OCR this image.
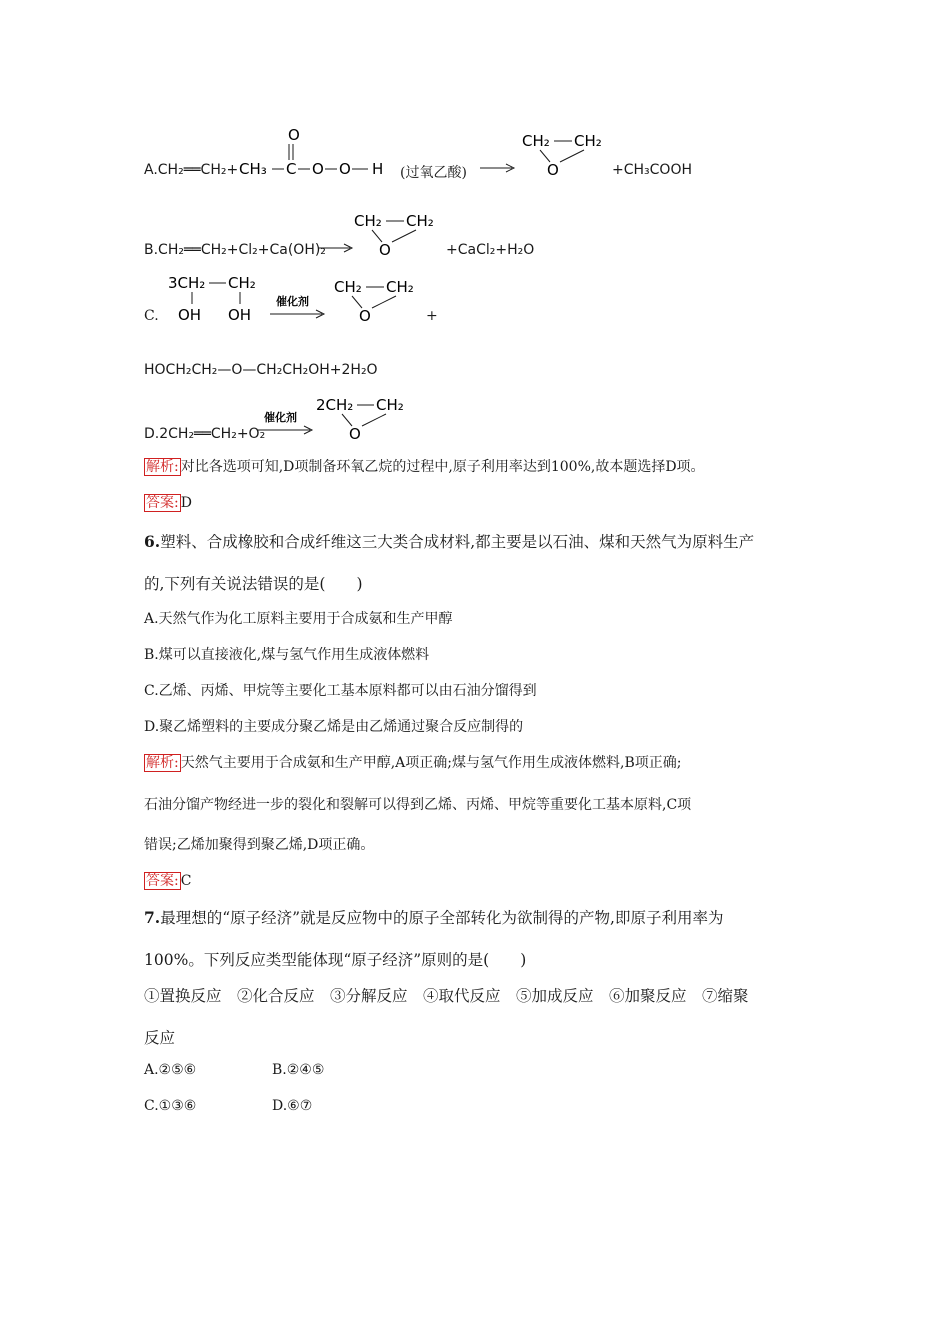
A.CH₂══CH₂+
O
CH₃ C O O H (过氧乙酸) →
CH₂ CH₂
O	+CH₃COOH
B.CH₂══CH₂+Cl₂+Ca(OH)₂
CH₂ CH₂
O	+CaCl₂+H₂O
C.
3CH₂ CH₂
OH OH
催化剂
CH₂ CH₂
O	+
HOCH₂CH₂—O—CH₂CH₂OH+2H₂O
D.2CH₂══CH₂+O₂
催化剂
2CH₂ CH₂
O
解析: 对比各选项可知,D项制备环氧乙烷的过程中,原子利用率达到100%,故本题选择D项。
答案: D
6.塑料、合成橡胶和合成纤维这三大类合成材料,都主要是以石油、煤和天然气为原料生产
的,下列有关说法错误的是(　　)
A.天然气作为化工原料主要用于合成氨和生产甲醇
B.煤可以直接液化,煤与氢气作用生成液体燃料
C.乙烯、丙烯、甲烷等主要化工基本原料都可以由石油分馏得到
D.聚乙烯塑料的主要成分聚乙烯是由乙烯通过聚合反应制得的
解析: 天然气主要用于合成氨和生产甲醇,A项正确;煤与氢气作用生成液体燃料,B项正确;
石油分馏产物经进一步的裂化和裂解可以得到乙烯、丙烯、甲烷等重要化工基本原料,C项
错误;乙烯加聚得到聚乙烯,D项正确。
答案: C
7.最理想的“原子经济”就是反应物中的原子全部转化为欲制得的产物,即原子利用率为
100%。下列反应类型能体现“原子经济”原则的是(　　)
①置换反应　②化合反应　③分解反应　④取代反应　⑤加成反应　⑥加聚反应　⑦缩聚
反应
A.②⑤⑥	B.②④⑤
C.①③⑥	D.⑥⑦
